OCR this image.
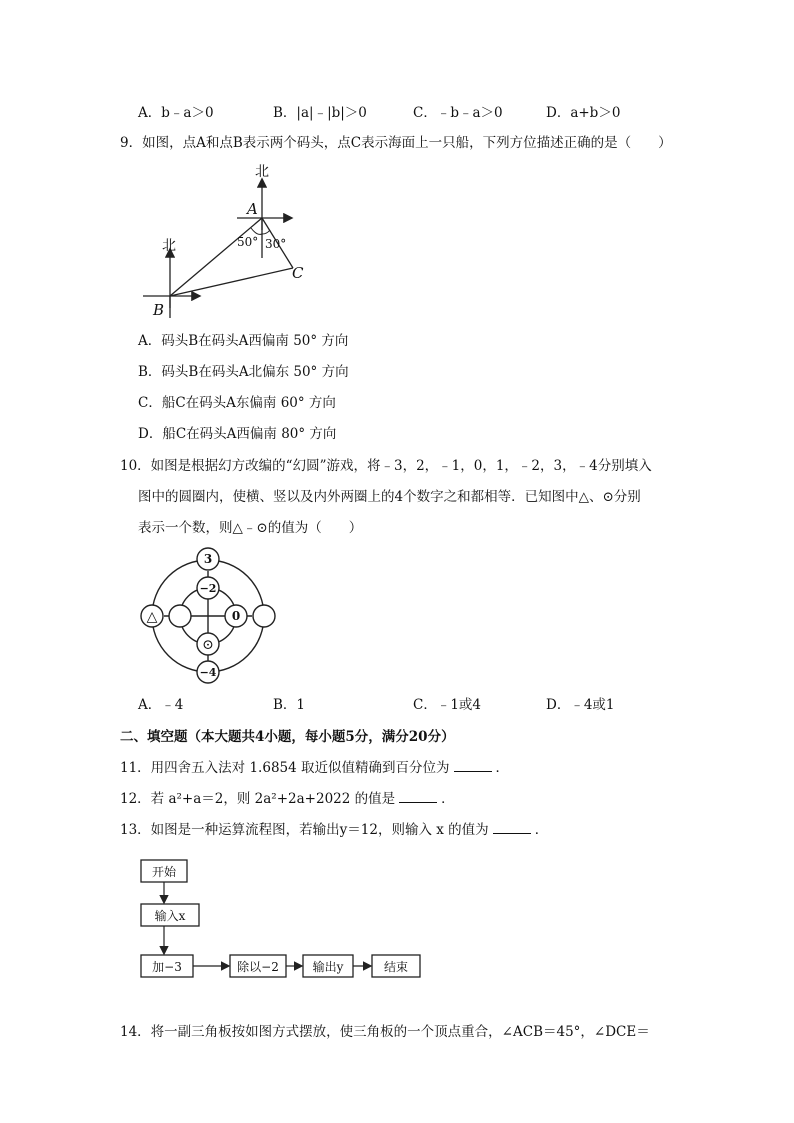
A．b﹣a＞0	B．|a|﹣|b|＞0	C．﹣b﹣a＞0	D．a+b＞0
9．如图，点A和点B表示两个码头，点C表示海面上一只船，下列方位描述正确的是（　　）
北
北
A
B
C
50° 30°
A．码头B在码头A西偏南 50° 方向
B．码头B在码头A北偏东 50° 方向
C．船C在码头A东偏南 60° 方向
D．船C在码头A西偏南 80° 方向
10．如图是根据幻方改编的“幻圆”游戏，将﹣3，2，﹣1，0，1，﹣2，3，﹣4分别填入
图中的圆圈内，使横、竖以及内外两圈上的4个数字之和都相等．已知图中△、⊙分别
表示一个数，则△﹣⊙的值为（　　）
3
−2
0
−4
△
⊙
A．﹣4	B．1	C．﹣1或4	D．﹣4或1
二、填空题（本大题共4小题，每小题5分，满分20分）
11．用四舍五入法对 1.6854 取近似值精确到百分位为	．
12．若 a²+a＝2，则 2a²+2a+2022 的值是	．
13．如图是一种运算流程图，若输出y＝12，则输入 x 的值为	．
开始
输入x
加−3	除以−2	输出y	结束
14．将一副三角板按如图方式摆放，使三角板的一个顶点重合，∠ACB＝45°，∠DCE＝
